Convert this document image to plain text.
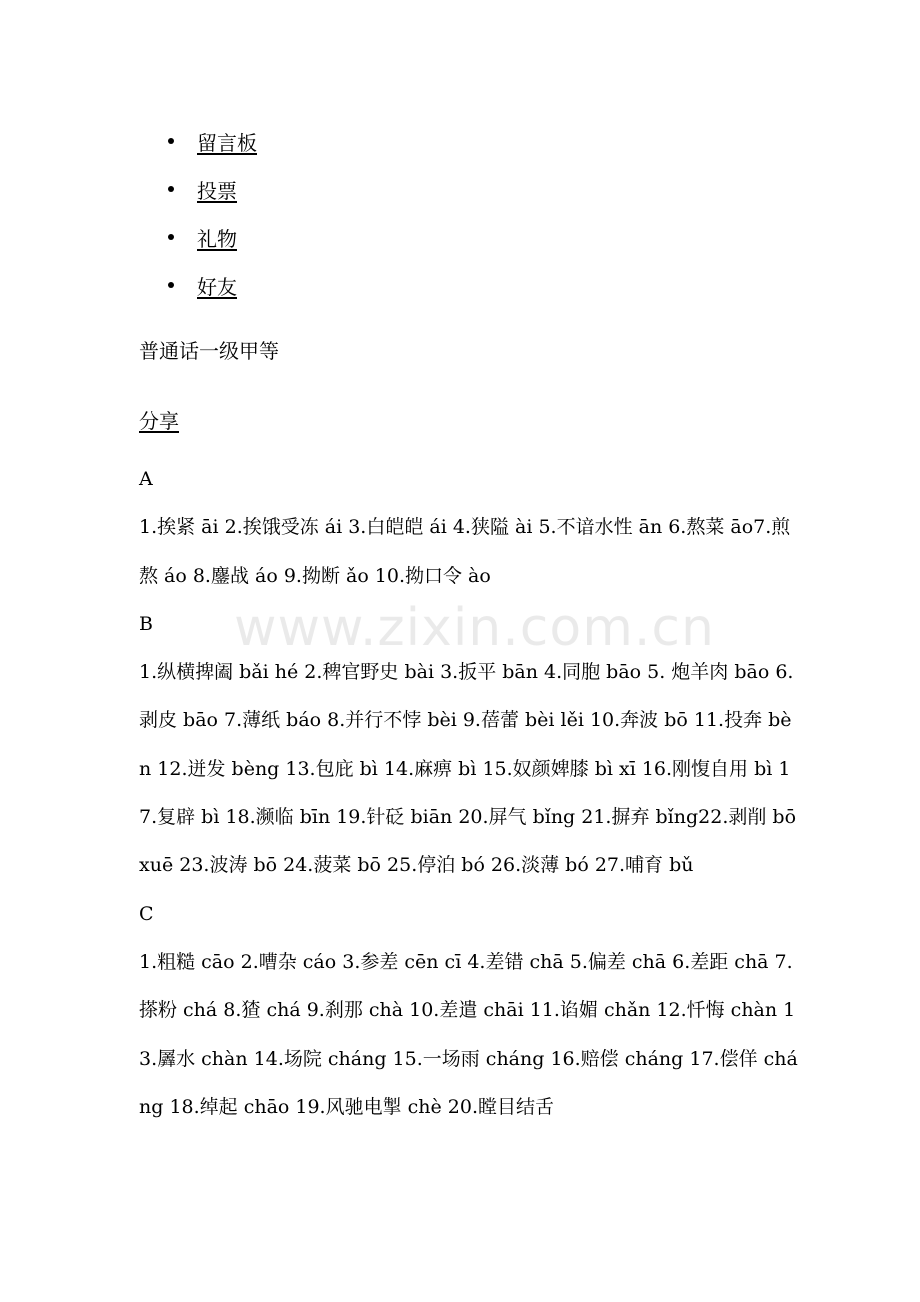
留言板
投票
礼物
好友
普通话一级甲等
分享
www.zixin.com.cn

A

1.挨紧 āi 2.挨饿受冻 ái 3.白皑皑 ái 4.狭隘 ài 5.不谙水性 ān 6.熬菜 āo7.煎熬 áo 8.鏖战 áo 9.拗断 ǎo 10.拗口令 ào

B

1.纵横捭阖 bǎi hé 2.稗官野史 bài 3.扳平 bān 4.同胞 bāo 5. 炮羊肉 bāo 6.剥皮 bāo 7.薄纸 báo 8.并行不悖 bèi 9.蓓蕾 bèi lěi 10.奔波 bō 11.投奔 bèn 12.迸发 bèng 13.包庇 bì 14.麻痹 bì 15.奴颜婢膝 bì xī 16.刚愎自用 bì 17.复辟 bì 18.濒临 bīn 19.针砭 biān 20.屏气 bǐng 21.摒弃 bǐng22.剥削 bō xuē 23.波涛 bō 24.菠菜 bō 25.停泊 bó 26.淡薄 bó 27.哺育 bǔ

C

1.粗糙 cāo 2.嘈杂 cáo 3.参差 cēn cī 4.差错 chā 5.偏差 chā 6.差距 chā 7.搽粉 chá 8.猹 chá 9.刹那 chà 10.差遣 chāi 11.谄媚 chǎn 12.忏悔 chàn 13.羼水 chàn 14.场院 cháng 15.一场雨 cháng 16.赔偿 cháng 17.偿佯 cháng 18.绰起 chāo 19.风驰电掣 chè 20.瞠目结舌
